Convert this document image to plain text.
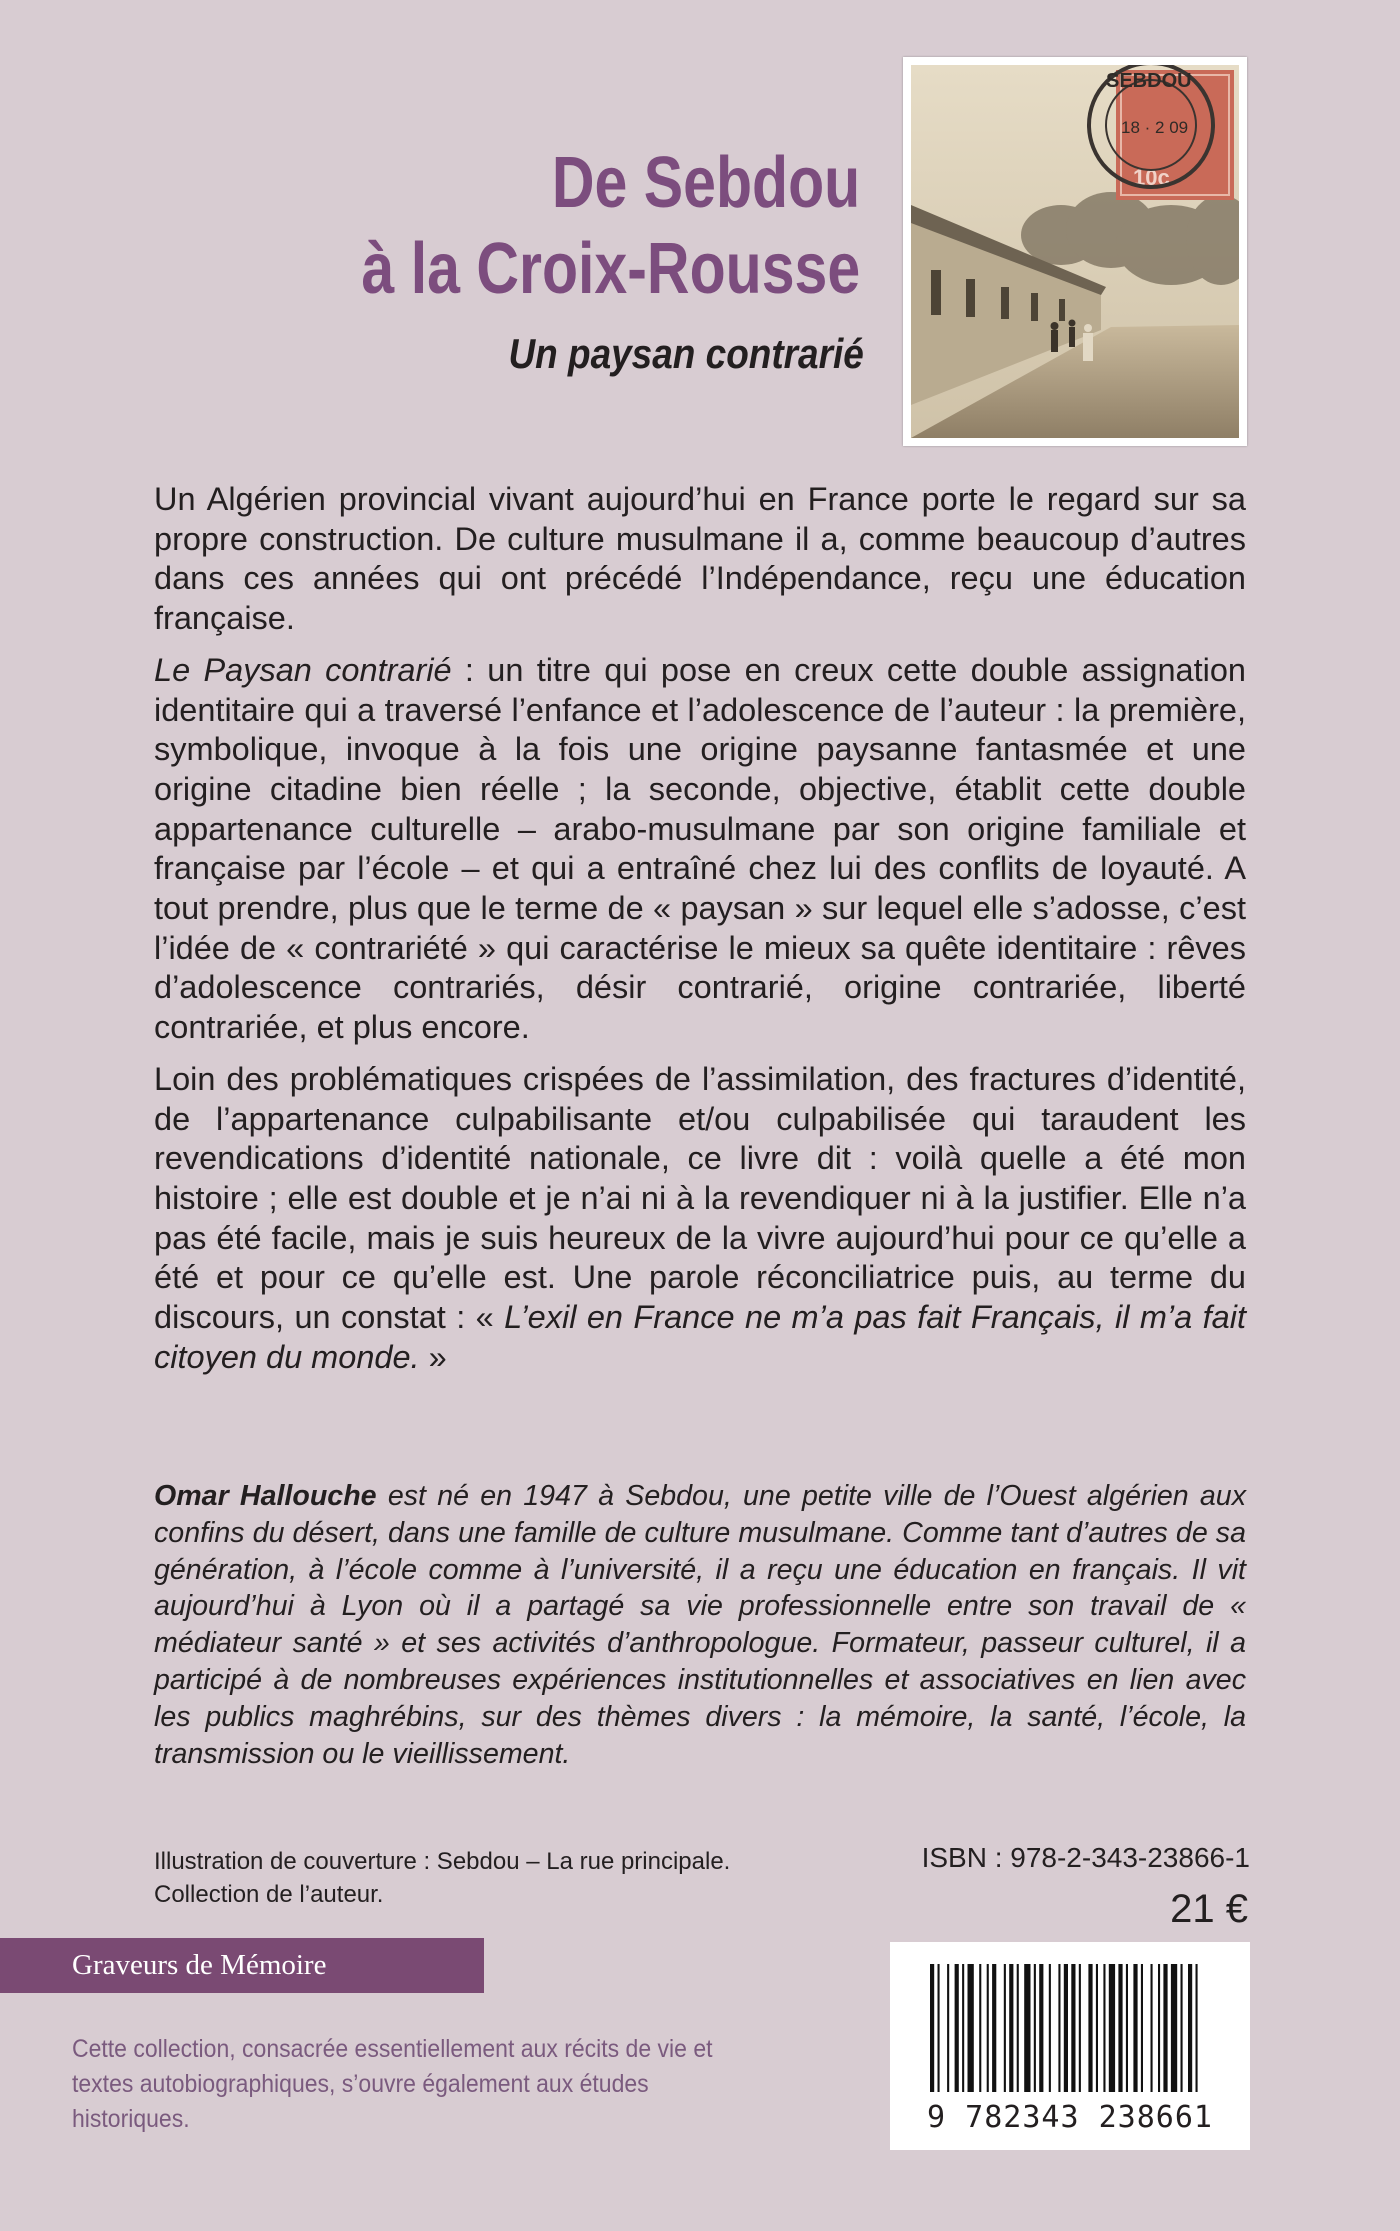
De Sebdou
à la Croix-Rousse
Un paysan contrarié
10c
SEBDOU
18 · 2 09

Un Algérien provincial vivant aujourd’hui en France porte le regard sur sa propre construction. De culture musulmane il a, comme beaucoup d’autres dans ces années qui ont précédé l’Indépendance, reçu une éducation française.

Le Paysan contrarié : un titre qui pose en creux cette double assignation identitaire qui a traversé l’enfance et l’adolescence de l’auteur : la première, symbolique, invoque à la fois une origine paysanne fantasmée et une origine citadine bien réelle ; la seconde, objective, établit cette double appartenance culturelle – arabo-musulmane par son origine familiale et française par l’école – et qui a entraîné chez lui des conflits de loyauté. A tout prendre, plus que le terme de « paysan » sur lequel elle s’adosse, c’est l’idée de « contrariété » qui caractérise le mieux sa quête identitaire : rêves d’adolescence contrariés, désir contrarié, origine contrariée, liberté contrariée, et plus encore.

Loin des problématiques crispées de l’assimilation, des fractures d’identité, de l’appartenance culpabilisante et/ou culpabilisée qui taraudent les revendications d’identité nationale, ce livre dit : voilà quelle a été mon histoire ; elle est double et je n’ai ni à la revendiquer ni à la justifier. Elle n’a pas été facile, mais je suis heureux de la vivre aujourd’hui pour ce qu’elle a été et pour ce qu’elle est. Une parole réconciliatrice puis, au terme du discours, un constat : « L’exil en France ne m’a pas fait Français, il m’a fait citoyen du monde. »

Omar Hallouche est né en 1947 à Sebdou, une petite ville de l’Ouest algérien aux confins du désert, dans une famille de culture musulmane. Comme tant d’autres de sa génération, à l’école comme à l’université, il a reçu une éducation en français. Il vit aujourd’hui à Lyon où il a partagé sa vie professionnelle entre son travail de « médiateur santé » et ses activités d’anthropologue. Formateur, passeur culturel, il a participé à de nombreuses expériences institutionnelles et associatives en lien avec les publics maghrébins, sur des thèmes divers : la mémoire, la santé, l’école, la transmission ou le vieillissement.
Illustration de couverture : Sebdou – La rue principale.
Collection de l’auteur.
ISBN : 978-2-343-23866-1
21 €
Graveurs de Mémoire
Cette collection, consacrée essentiellement aux récits de vie et textes autobiographiques, s’ouvre également aux études historiques.	9 782343 238661
